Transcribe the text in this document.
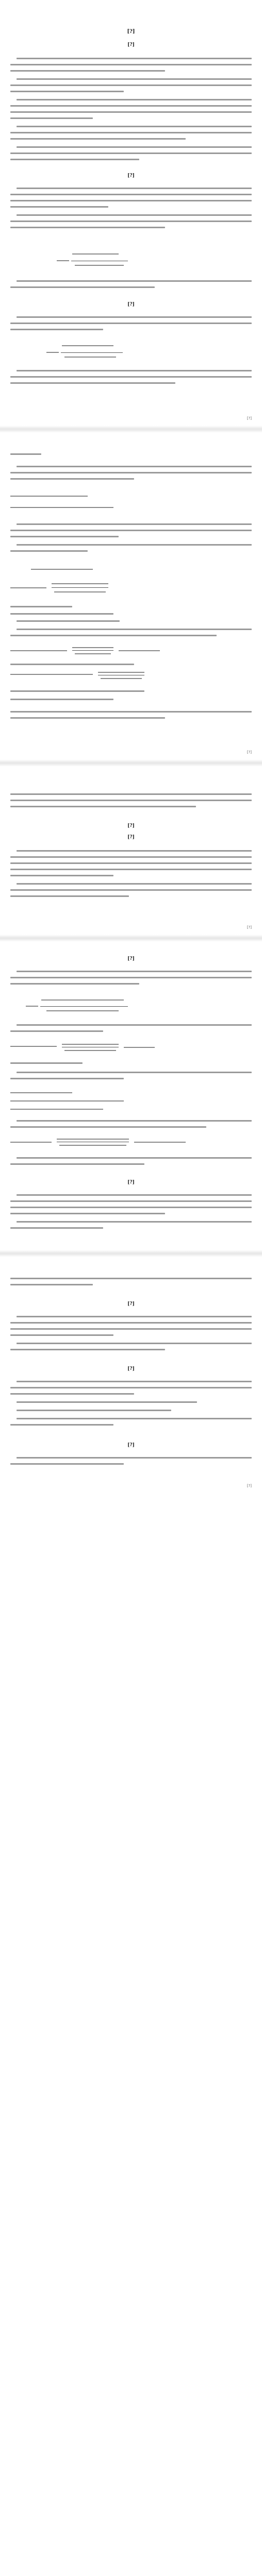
[?]
[?]
[?]
[?]
[?]
[?]
[?]
[?]
[?]
[?]
[?]
[?]
[?]
[?]
[?]
